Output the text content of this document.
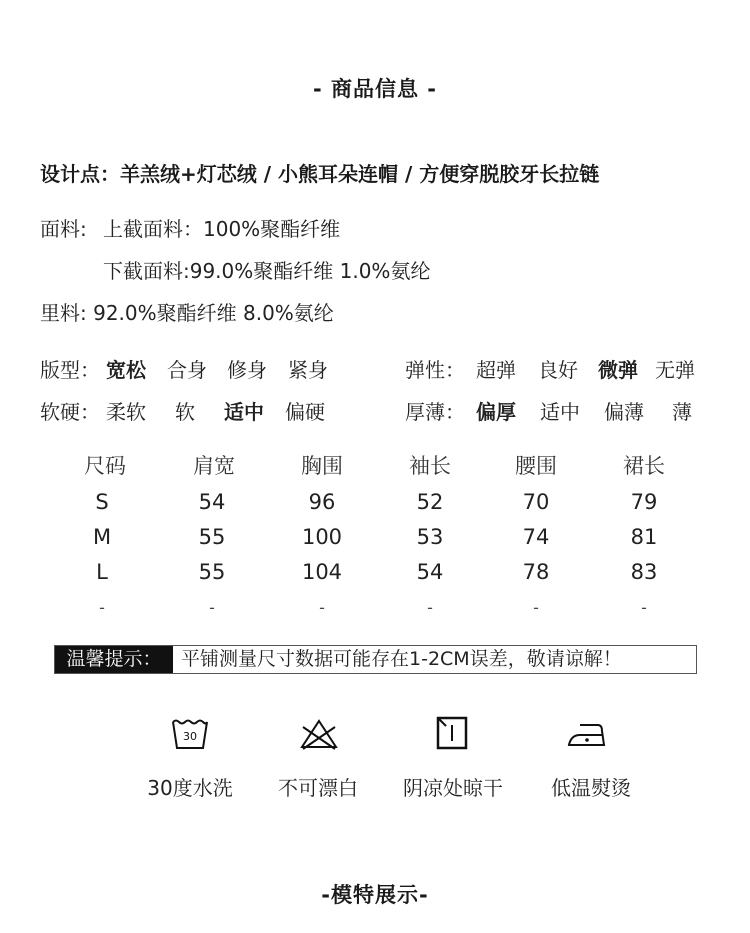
- 商品信息 -
设计点：羊羔绒+灯芯绒 / 小熊耳朵连帽 / 方便穿脱胶牙长拉链
面料: 上截面料：100%聚酯纤维
下截面料:99.0%聚酯纤维 1.0%氨纶
里料: 92.0%聚酯纤维 8.0%氨纶
版型： 宽松 合身 修身 紧身	弹性： 超弹 良好 微弹 无弹
软硬： 柔软 软 适中 偏硬	厚薄： 偏厚 适中 偏薄 薄
尺码	肩宽	胸围	袖长	腰围	裙长
S	54	96	52	70	79
M	55	100	53	74	81
L	55	104	54	78	83
-	-	-	-	-	-
温馨提示：	平铺测量尺寸数据可能存在1-2CM误差，敬请谅解！
30
30度水洗	不可漂白	阴凉处晾干	低温熨烫
-模特展示-
